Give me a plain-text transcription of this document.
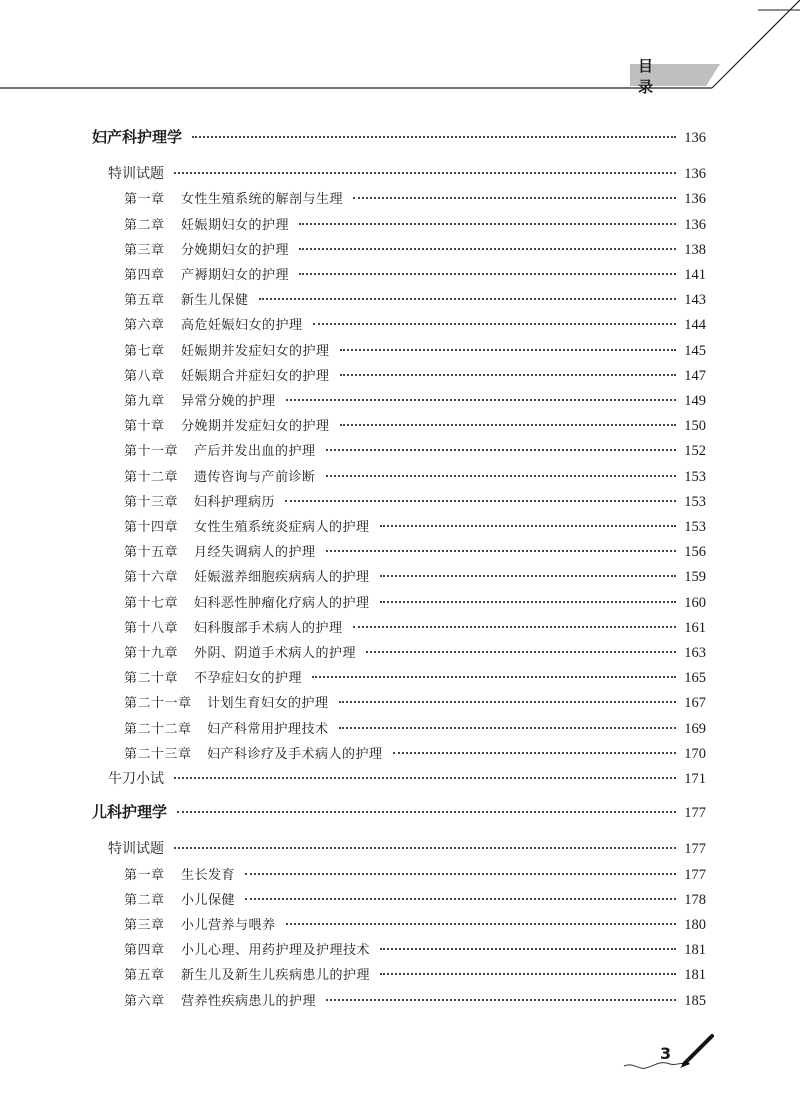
目　录
妇产科护理学	136
特训试题	136
第一章	女性生殖系统的解剖与生理	136
第二章	妊娠期妇女的护理	136
第三章	分娩期妇女的护理	138
第四章	产褥期妇女的护理	141
第五章	新生儿保健	143
第六章	高危妊娠妇女的护理	144
第七章	妊娠期并发症妇女的护理	145
第八章	妊娠期合并症妇女的护理	147
第九章	异常分娩的护理	149
第十章	分娩期并发症妇女的护理	150
第十一章	产后并发出血的护理	152
第十二章	遗传咨询与产前诊断	153
第十三章	妇科护理病历	153
第十四章	女性生殖系统炎症病人的护理	153
第十五章	月经失调病人的护理	156
第十六章	妊娠滋养细胞疾病病人的护理	159
第十七章	妇科恶性肿瘤化疗病人的护理	160
第十八章	妇科腹部手术病人的护理	161
第十九章	外阴、阴道手术病人的护理	163
第二十章	不孕症妇女的护理	165
第二十一章	计划生育妇女的护理	167
第二十二章	妇产科常用护理技术	169
第二十三章	妇产科诊疗及手术病人的护理	170
牛刀小试	171
儿科护理学	177
特训试题	177
第一章	生长发育	177
第二章	小儿保健	178
第三章	小儿营养与喂养	180
第四章	小儿心理、用药护理及护理技术	181
第五章	新生儿及新生儿疾病患儿的护理	181
第六章	营养性疾病患儿的护理	185
3
